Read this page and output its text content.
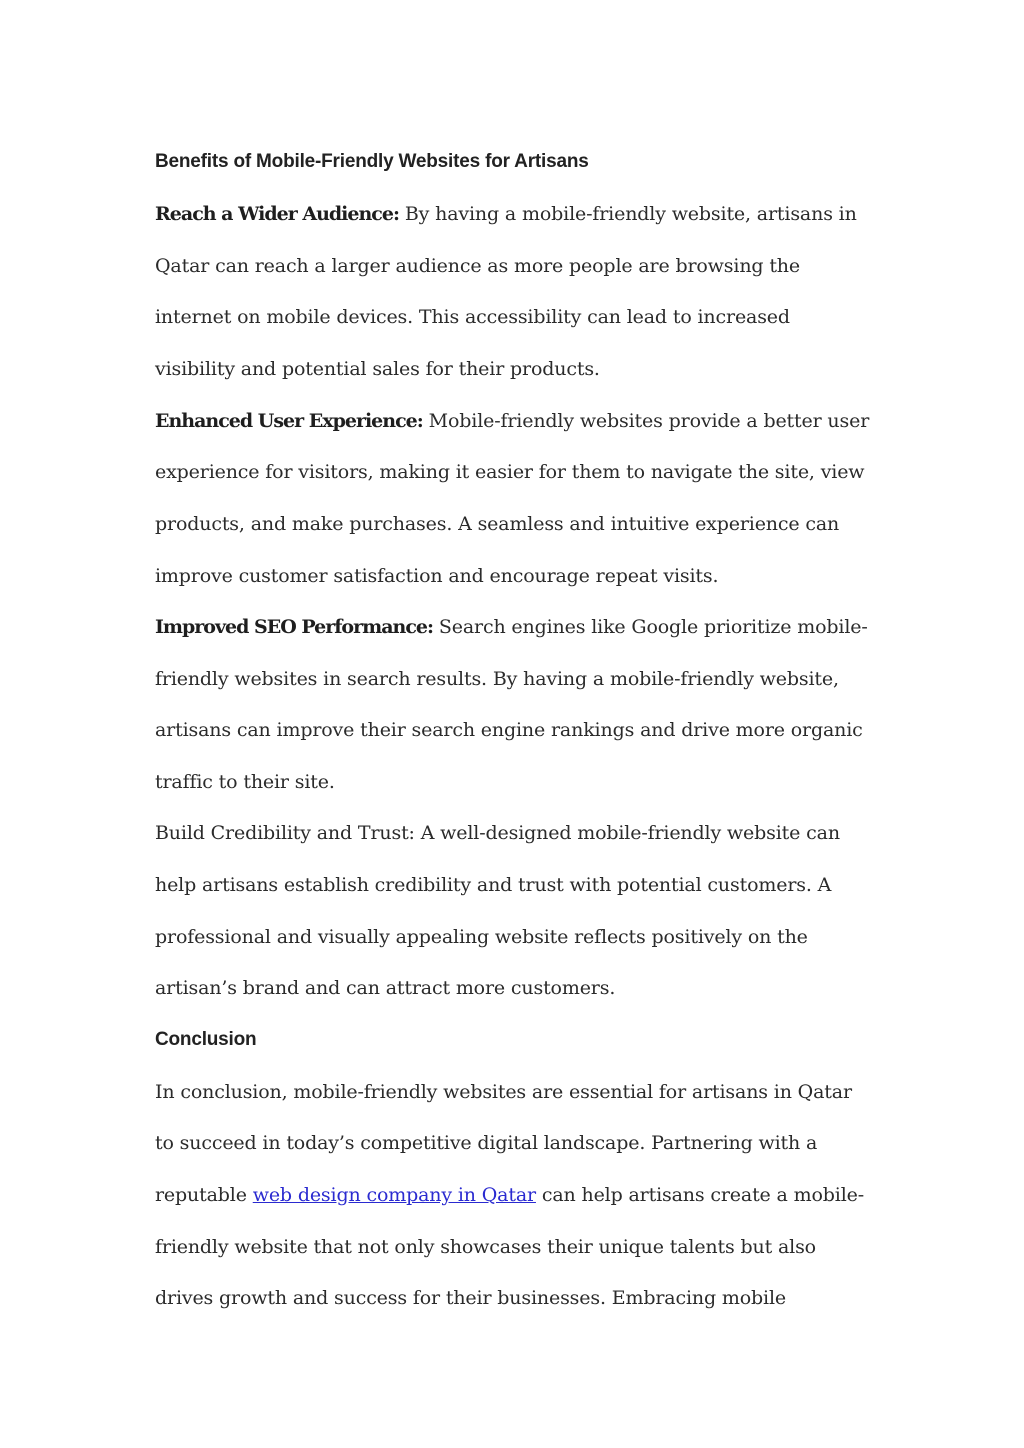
Benefits of Mobile-Friendly Websites for Artisans
Reach a Wider Audience: By having a mobile-friendly website, artisans in
Qatar can reach a larger audience as more people are browsing the
internet on mobile devices. This accessibility can lead to increased
visibility and potential sales for their products.
Enhanced User Experience: Mobile-friendly websites provide a better user
experience for visitors, making it easier for them to navigate the site, view
products, and make purchases. A seamless and intuitive experience can
improve customer satisfaction and encourage repeat visits.
Improved SEO Performance: Search engines like Google prioritize mobile-
friendly websites in search results. By having a mobile-friendly website,
artisans can improve their search engine rankings and drive more organic
traffic to their site.
Build Credibility and Trust: A well-designed mobile-friendly website can
help artisans establish credibility and trust with potential customers. A
professional and visually appealing website reflects positively on the
artisan’s brand and can attract more customers.
Conclusion
In conclusion, mobile-friendly websites are essential for artisans in Qatar
to succeed in today’s competitive digital landscape. Partnering with a
reputable web design company in Qatar can help artisans create a mobile-
friendly website that not only showcases their unique talents but also
drives growth and success for their businesses. Embracing mobile
